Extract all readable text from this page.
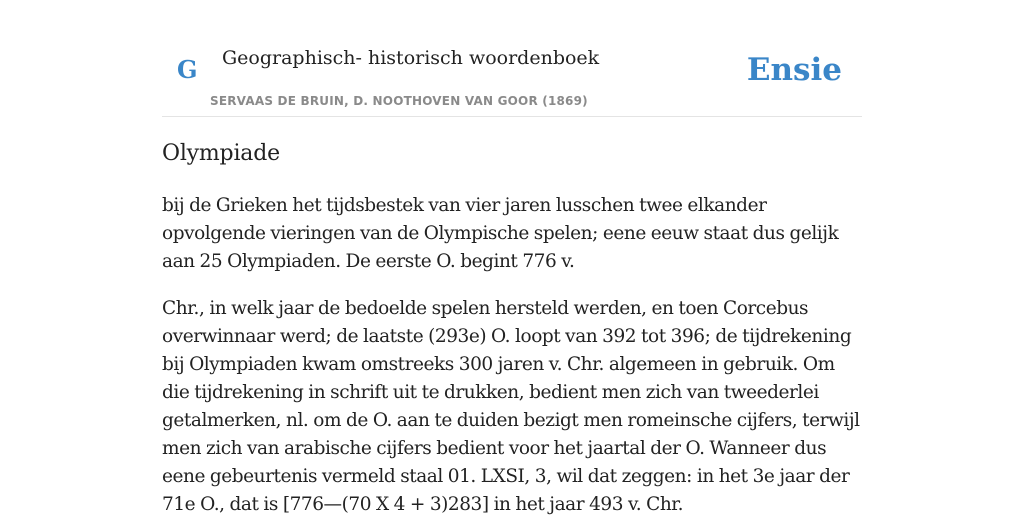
G Geographisch- historisch woordenboek
SERVAAS DE BRUIN, D. NOOTHOVEN VAN GOOR (1869)
Ensie
Olympiade

bij de Grieken het tijdsbestek van vier jaren lusschen twee elkander opvolgende vieringen van de Olympische spelen; eene eeuw staat dus gelijk aan 25 Olympiaden. De eerste O. begint 776 v.

Chr., in welk jaar de bedoelde spelen hersteld werden, en toen Corcebus overwinnaar werd; de laatste (293e) O. loopt van 392 tot 396; de tijdrekening bij Olympiaden kwam omstreeks 300 jaren v. Chr. algemeen in gebruik. Om die tijdrekening in schrift uit te drukken, bedient men zich van tweederlei getalmerken, nl. om de O. aan te duiden bezigt men romeinsche cijfers, terwijl men zich van arabische cijfers bedient voor het jaartal der O. Wanneer dus eene gebeurtenis vermeld staal 01. LXSI, 3, wil dat zeggen: in het 3e jaar der 71e O., dat is [776—(70 X 4 + 3)283] in het jaar 493 v. Chr.
